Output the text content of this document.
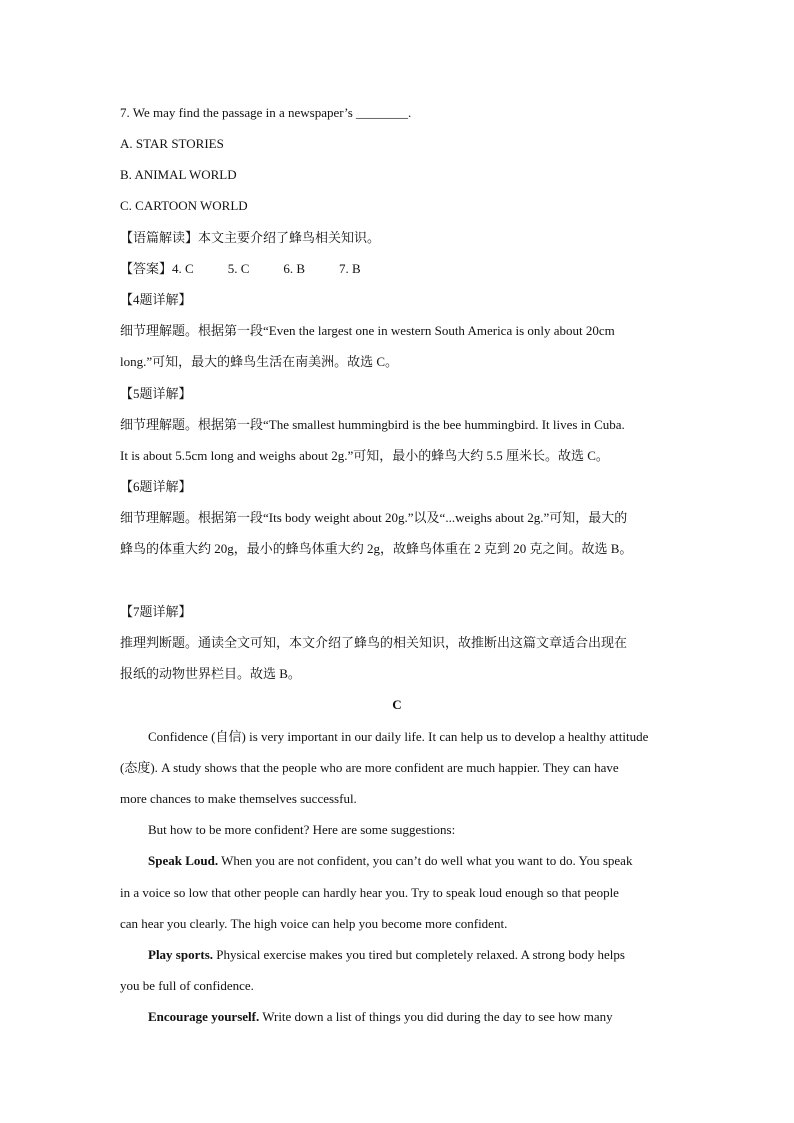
7. We may find the passage in a newspaper’s ________.
A. STAR STORIES
B. ANIMAL WORLD
C. CARTOON WORLD
【语篇解读】本文主要介绍了蜂鸟相关知识。
【答案】4. C	5. C	6. B	7. B
【4题详解】
细节理解题。根据第一段“Even the largest one in western South America is only about 20cm
long.”可知，最大的蜂鸟生活在南美洲。故选 C。
【5题详解】
细节理解题。根据第一段“The smallest hummingbird is the bee hummingbird. It lives in Cuba.
It is about 5.5cm long and weighs about 2g.”可知，最小的蜂鸟大约 5.5 厘米长。故选 C。
【6题详解】
细节理解题。根据第一段“Its body weight about 20g.”以及“...weighs about 2g.”可知，最大的
蜂鸟的体重大约 20g，最小的蜂鸟体重大约 2g，故蜂鸟体重在 2 克到 20 克之间。故选 B。
【7题详解】
推理判断题。通读全文可知，本文介绍了蜂鸟的相关知识，故推断出这篇文章适合出现在
报纸的动物世界栏目。故选 B。
C
Confidence (自信) is very important in our daily life. It can help us to develop a healthy attitude
(态度). A study shows that the people who are more confident are much happier. They can have
more chances to make themselves successful.
But how to be more confident? Here are some suggestions:
Speak Loud. When you are not confident, you can’t do well what you want to do. You speak
in a voice so low that other people can hardly hear you. Try to speak loud enough so that people
can hear you clearly. The high voice can help you become more confident.
Play sports. Physical exercise makes you tired but completely relaxed. A strong body helps
you be full of confidence.
Encourage yourself. Write down a list of things you did during the day to see how many
